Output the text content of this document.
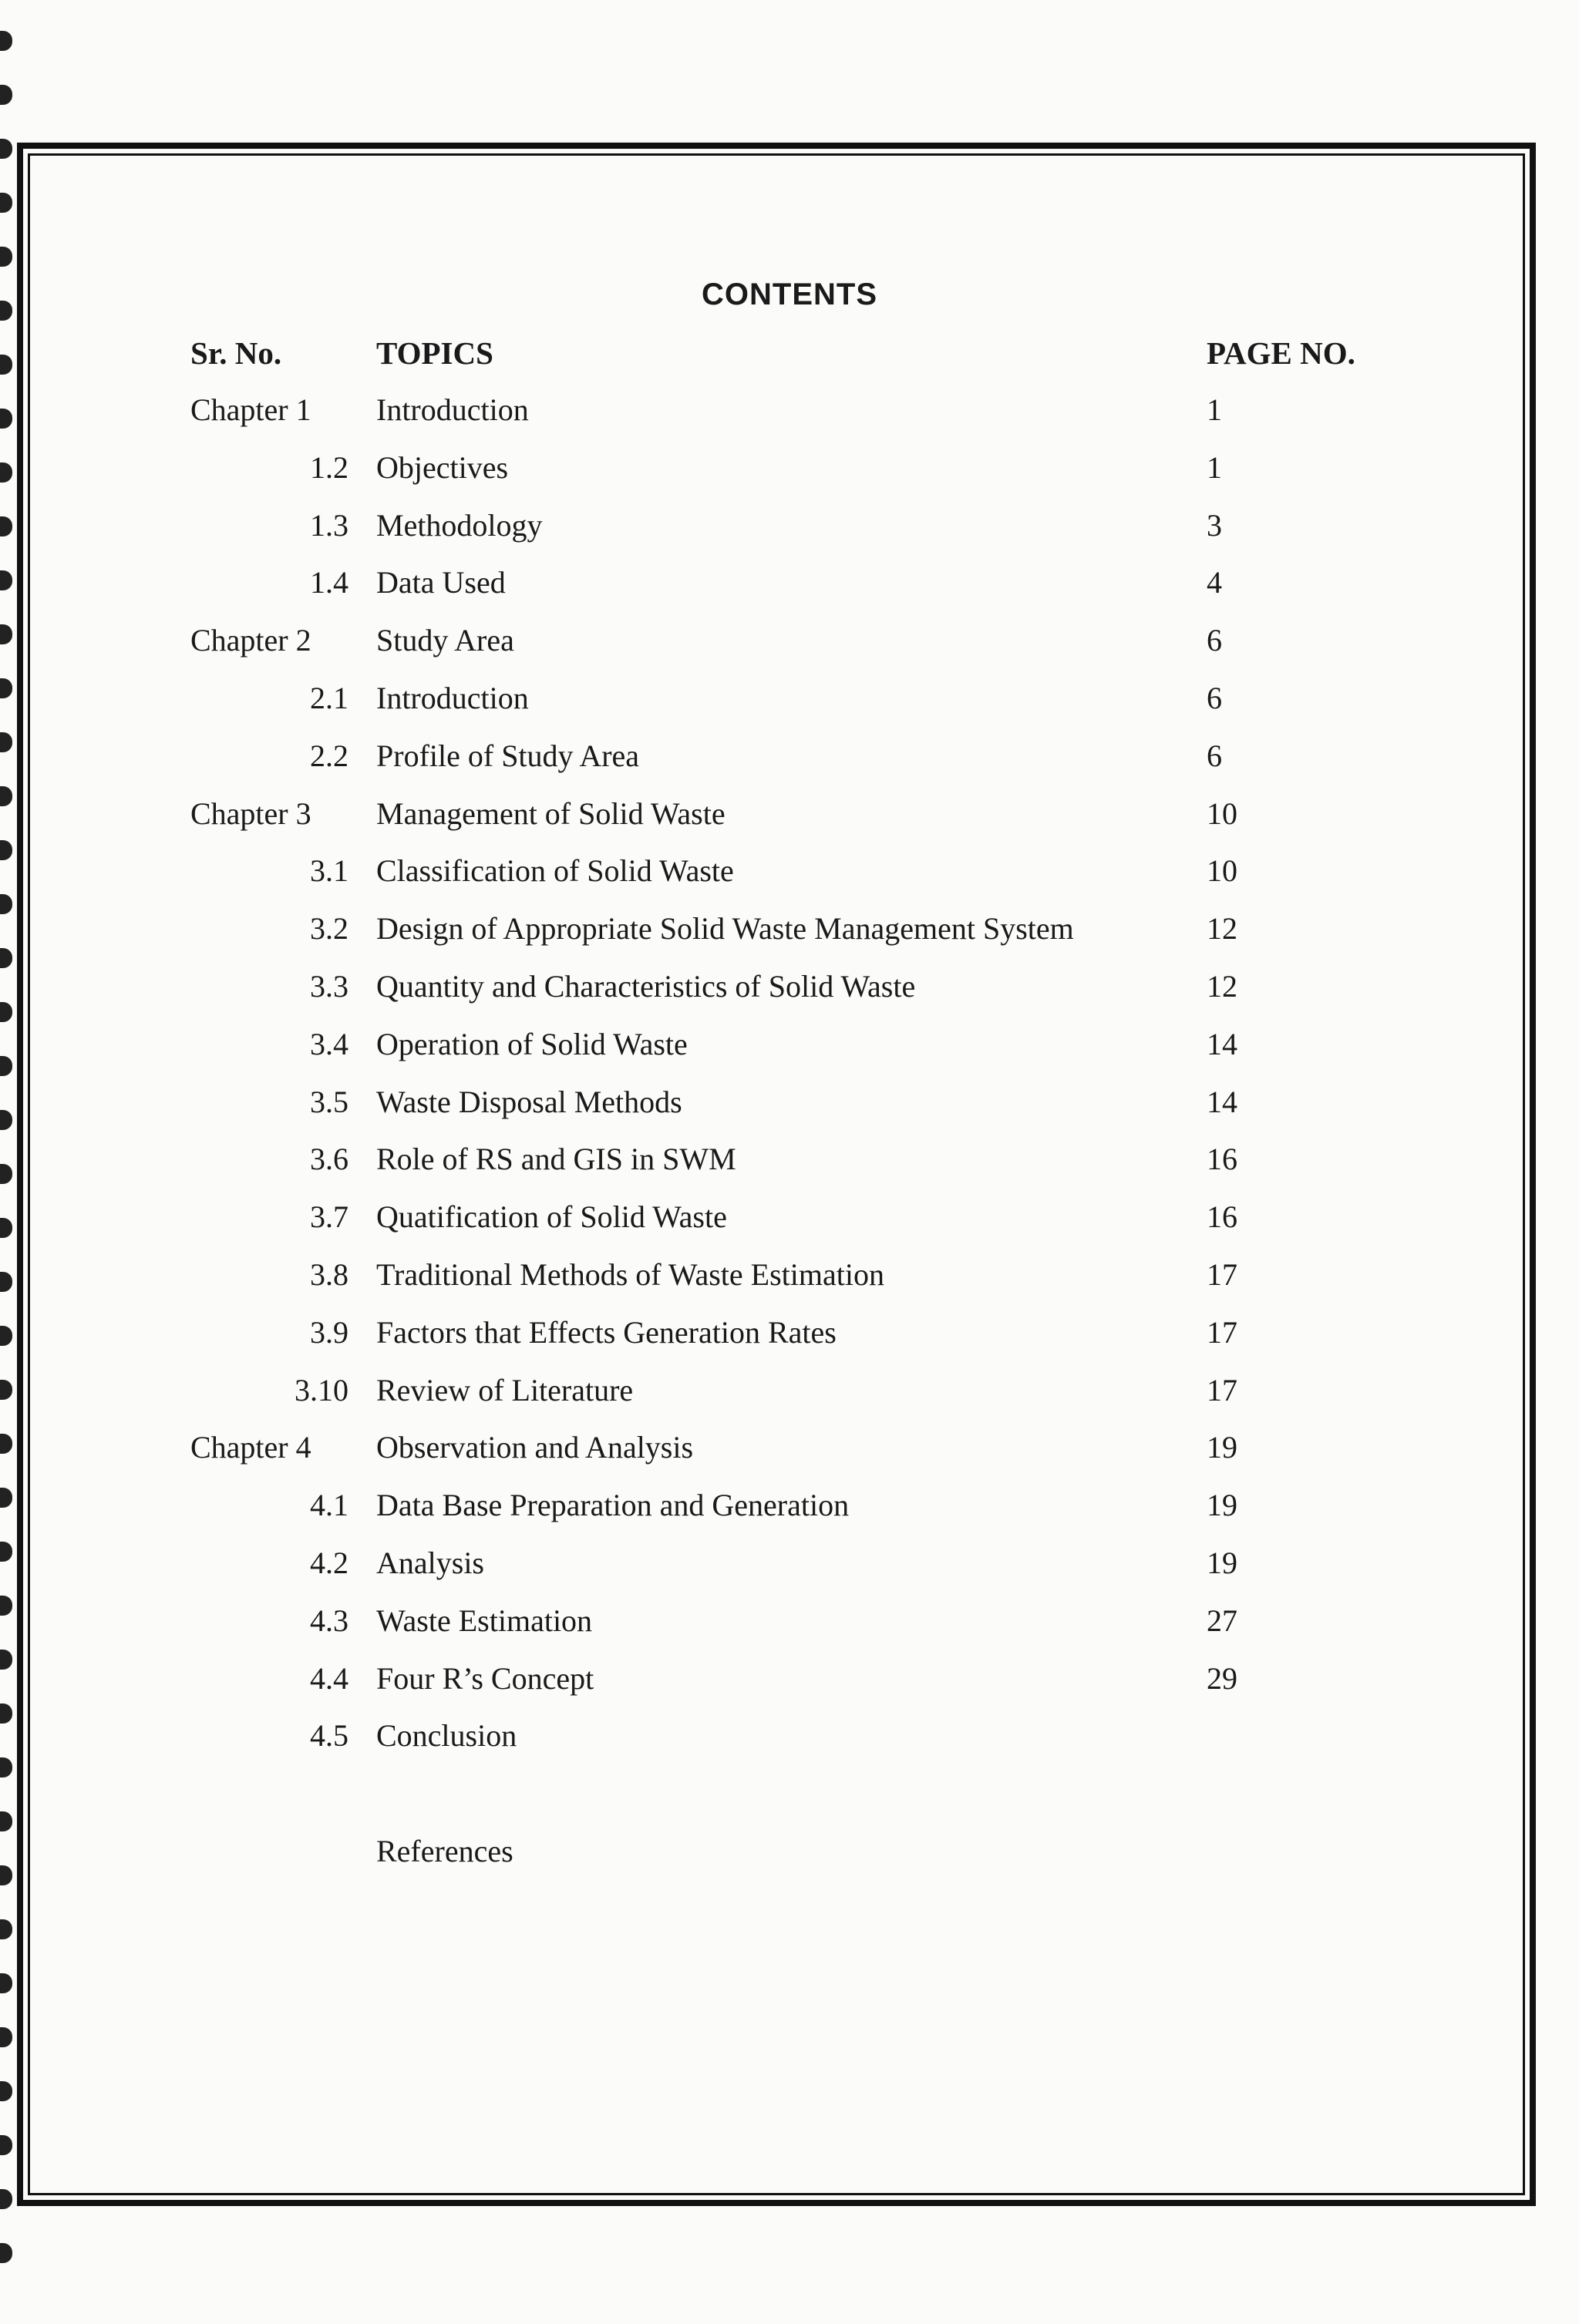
CONTENTS
Sr. No.	TOPICS	PAGE NO.
Chapter 1 Introduction	1
1.2 Objectives	1
1.3 Methodology	3
1.4 Data Used	4
Chapter 2 Study Area	6
2.1 Introduction	6
2.2 Profile of Study Area	6
Chapter 3 Management of Solid Waste	10
3.1 Classification of Solid Waste	10
3.2 Design of Appropriate Solid Waste Management System	12
3.3 Quantity and Characteristics of Solid Waste	12
3.4 Operation of Solid Waste	14
3.5 Waste Disposal Methods	14
3.6 Role of RS and GIS in SWM	16
3.7 Quatification of Solid Waste	16
3.8 Traditional Methods of Waste Estimation	17
3.9 Factors that Effects Generation Rates	17
3.10 Review of Literature	17
Chapter 4 Observation and Analysis	19
4.1 Data Base Preparation and Generation	19
4.2 Analysis	19
4.3 Waste Estimation	27
4.4 Four R’s Concept	29
4.5 Conclusion
References
